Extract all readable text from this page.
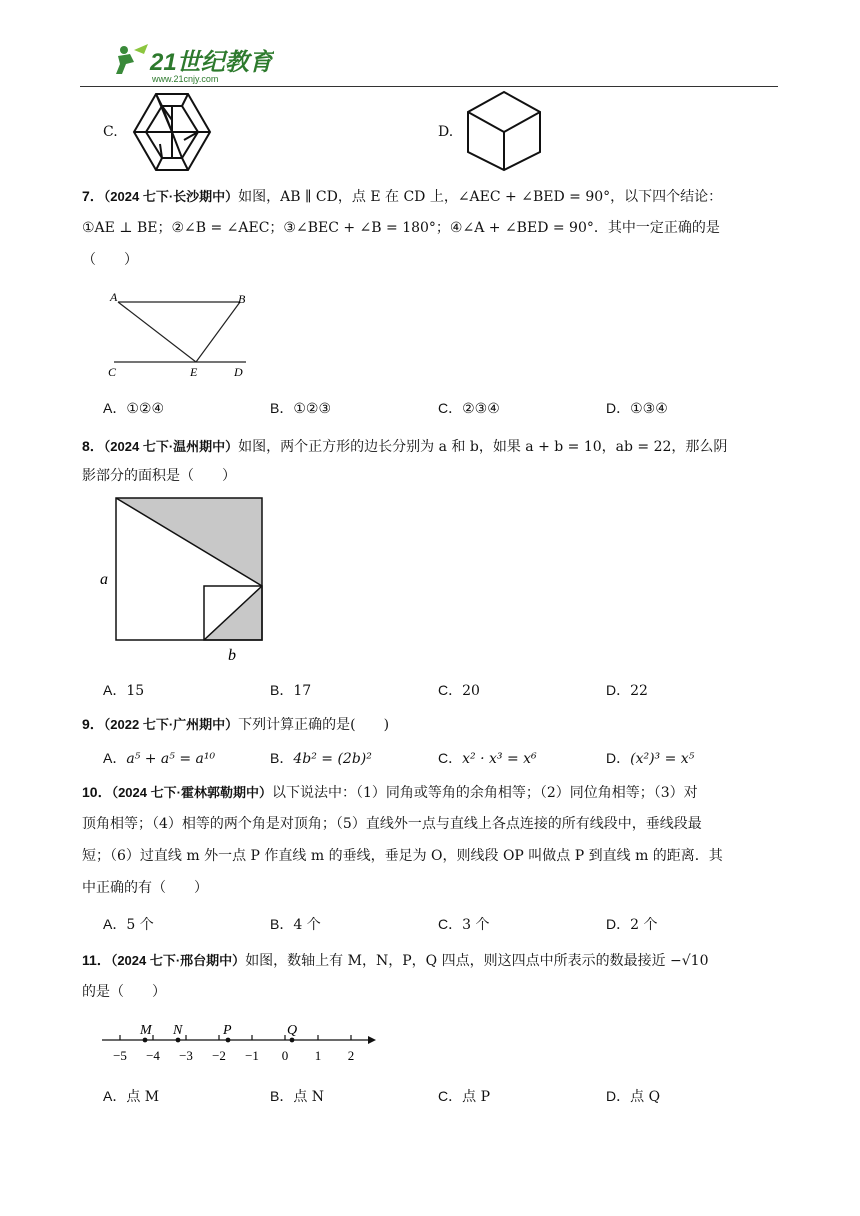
21世纪教育
www.21cnjy.com
C.	D.
7．（2024 七下·长沙期中）如图，AB ∥ CD，点 E 在 CD 上，∠AEC + ∠BED = 90°，以下四个结论：
①AE ⊥ BE；②∠B = ∠AEC；③∠BEC + ∠B = 180°；④∠A + ∠BED = 90°．其中一定正确的是
（　　）
A	B
C	E	D
A．①②④	B．①②③	C．②③④	D．①③④
8．（2024 七下·温州期中）如图，两个正方形的边长分别为 a 和 b，如果 a + b = 10，ab = 22，那么阴
影部分的面积是（　　）
a
b
A．15	B．17	C．20	D．22
9．（2022 七下·广州期中）下列计算正确的是(　　)
A．a⁵ + a⁵ = a¹⁰	B．4b² = (2b)²	C．x² · x³ = x⁶	D．(x²)³ = x⁵
10．（2024 七下·霍林郭勒期中）以下说法中：（1）同角或等角的余角相等；（2）同位角相等；（3）对
顶角相等；（4）相等的两个角是对顶角；（5）直线外一点与直线上各点连接的所有线段中，垂线段最
短；（6）过直线 m 外一点 P 作直线 m 的垂线，垂足为 O，则线段 OP 叫做点 P 到直线 m 的距离．其
中正确的有（　　）
A．5 个	B．4 个	C．3 个	D．2 个
11．（2024 七下·邢台期中）如图，数轴上有 M，N，P，Q 四点，则这四点中所表示的数最接近 −√10
的是（　　）
M N	P	Q
−5 −4 −3 −2 −1 0 1 2
A．点 M	B．点 N	C．点 P	D．点 Q
